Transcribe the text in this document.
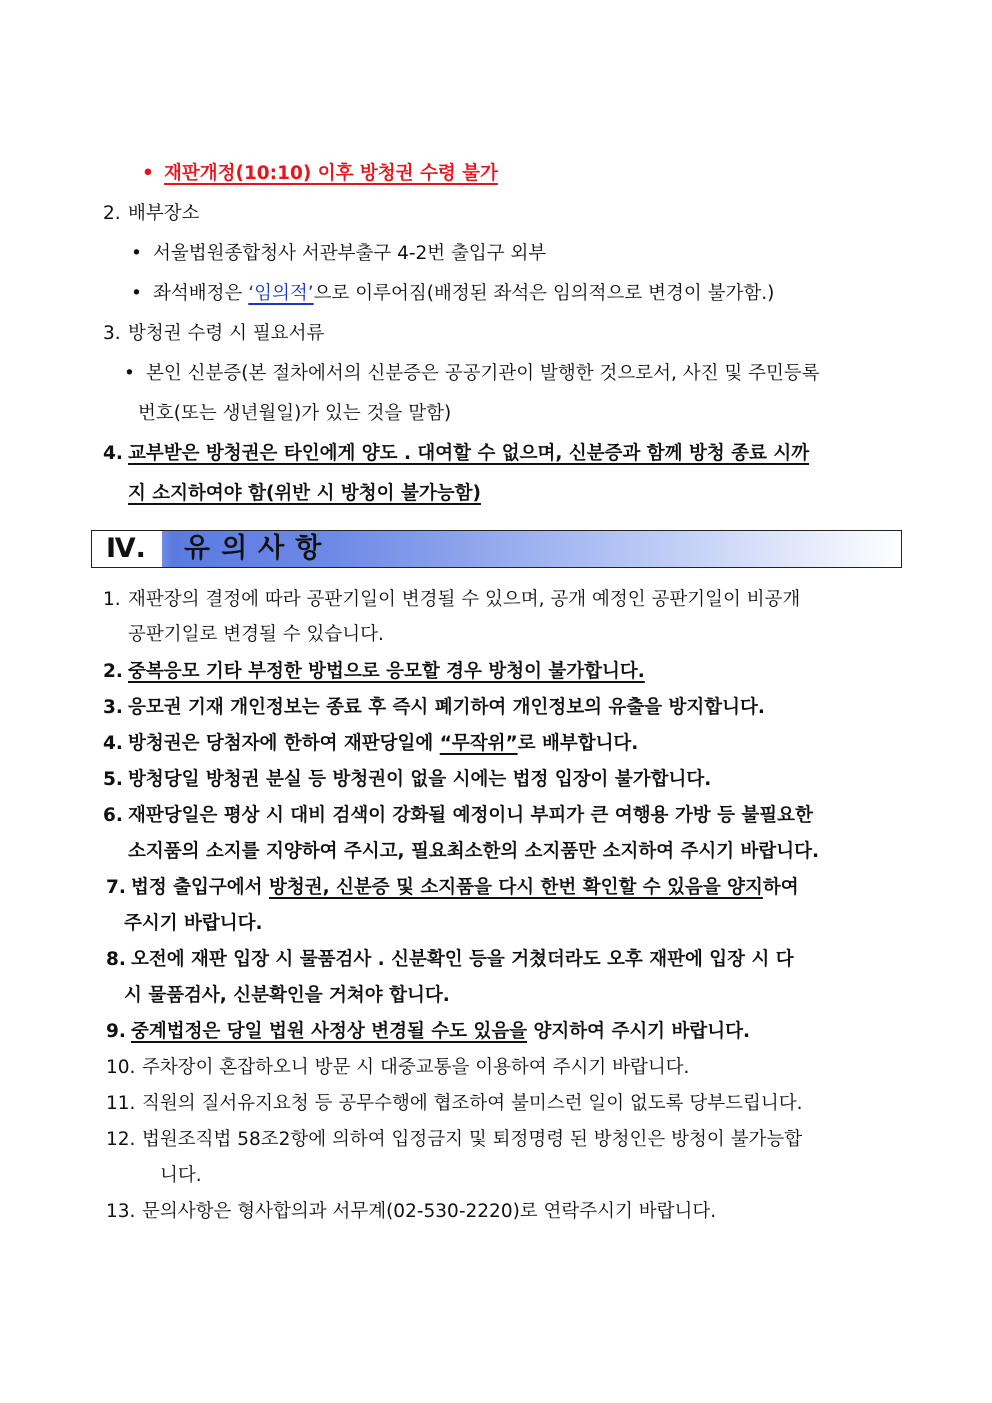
• 재판개정(10:10) 이후 방청권 수령 불가
2. 배부장소
• 서울법원종합청사 서관부출구 4-2번 출입구 외부
• 좌석배정은 ‘임의적’으로 이루어짐(배정된 좌석은 임의적으로 변경이 불가함.)
3. 방청권 수령 시 필요서류
• 본인 신분증(본 절차에서의 신분증은 공공기관이 발행한 것으로서, 사진 및 주민등록
번호(또는 생년월일)가 있는 것을 말함)
4. 교부받은 방청권은 타인에게 양도 . 대여할 수 없으며, 신분증과 함께 방청 종료 시까
지 소지하여야 함(위반 시 방청이 불가능함)
Ⅳ.	유의사항
1. 재판장의 결정에 따라 공판기일이 변경될 수 있으며, 공개 예정인 공판기일이 비공개
공판기일로 변경될 수 있습니다.
2. 중복응모 기타 부정한 방법으로 응모할 경우 방청이 불가합니다.
3. 응모권 기재 개인정보는 종료 후 즉시 폐기하여 개인정보의 유출을 방지합니다.
4. 방청권은 당첨자에 한하여 재판당일에 “무작위”로 배부합니다.
5. 방청당일 방청권 분실 등 방청권이 없을 시에는 법정 입장이 불가합니다.
6. 재판당일은 평상 시 대비 검색이 강화될 예정이니 부피가 큰 여행용 가방 등 불필요한
소지품의 소지를 지양하여 주시고, 필요최소한의 소지품만 소지하여 주시기 바랍니다.
7. 법정 출입구에서 방청권, 신분증 및 소지품을 다시 한번 확인할 수 있음을 양지하여
주시기 바랍니다.
8. 오전에 재판 입장 시 물품검사 . 신분확인 등을 거쳤더라도 오후 재판에 입장 시 다
시 물품검사, 신분확인을 거쳐야 합니다.
9. 중계법정은 당일 법원 사정상 변경될 수도 있음을 양지하여 주시기 바랍니다.
10. 주차장이 혼잡하오니 방문 시 대중교통을 이용하여 주시기 바랍니다.
11. 직원의 질서유지요청 등 공무수행에 협조하여 불미스런 일이 없도록 당부드립니다.
12. 법원조직법 58조2항에 의하여 입정금지 및 퇴정명령 된 방청인은 방청이 불가능합
니다.
13. 문의사항은 형사합의과 서무계(02-530-2220)로 연락주시기 바랍니다.
